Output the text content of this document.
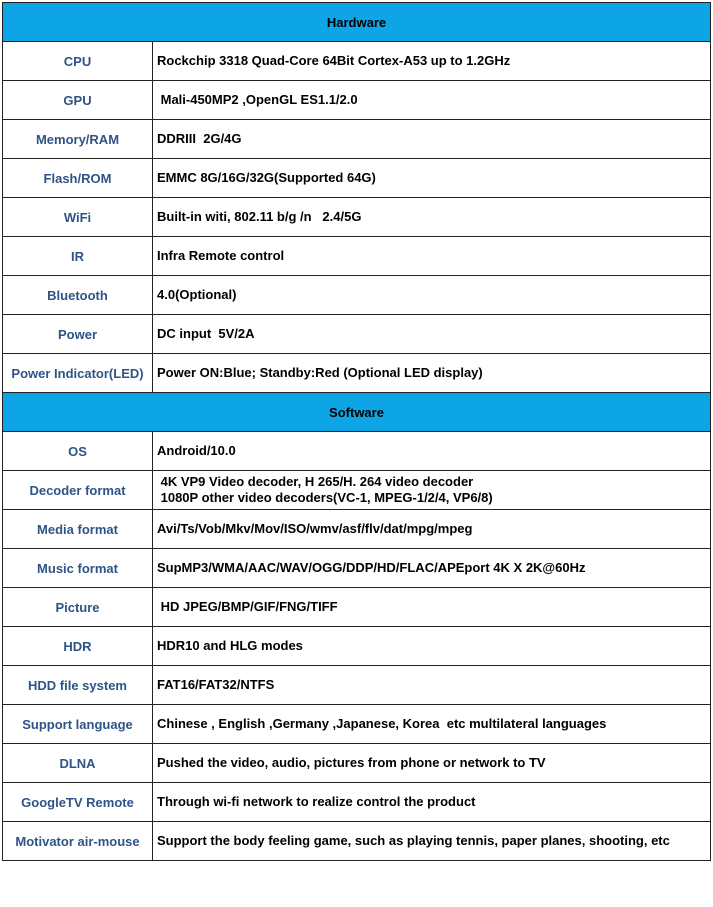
Hardware	
CPU	Rockchip 3318 Quad-Core 64Bit Cortex-A53 up to 1.2GHz

GPU	Mali-450MP2 ,OpenGL ES1.1/2.0

Memory/RAM	DDRIII  2G/4G

Flash/ROM	EMMC 8G/16G/32G(Supported 64G)

WiFi	Built-in witi, 802.11 b/g /n   2.4/5G

IR	Infra Remote control

Bluetooth	4.0(Optional)

Power	DC input  5V/2A

Power Indicator(LED)	Power ON:Blue; Standby:Red (Optional LED display)

Software	
OS	Android/10.0

Decoder format	4K VP9 Video decoder, H 265/H. 264 video decoder
1080P other video decoders(VC-1, MPEG-1/2/4, VP6/8)

Media format	Avi/Ts/Vob/Mkv/Mov/ISO/wmv/asf/flv/dat/mpg/mpeg

Music format	SupMP3/WMA/AAC/WAV/OGG/DDP/HD/FLAC/APEport 4K X 2K@60Hz

Picture	HD JPEG/BMP/GIF/FNG/TIFF

HDR	HDR10 and HLG modes

HDD file system	FAT16/FAT32/NTFS

Support language	Chinese , English ,Germany ,Japanese, Korea  etc multilateral languages

DLNA	Pushed the video, audio, pictures from phone or network to TV

GoogleTV Remote	Through wi-fi network to realize control the product

Motivator air-mouse	Support the body feeling game, such as playing tennis, paper planes, shooting, etc
